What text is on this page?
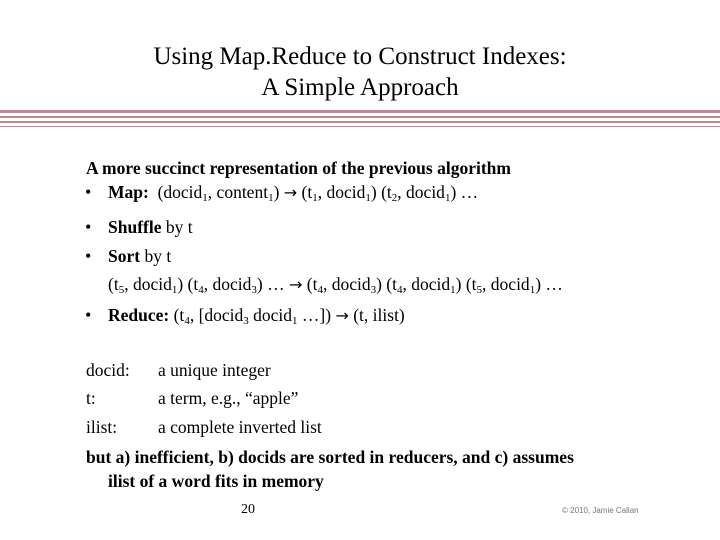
Using Map.Reduce to Construct Indexes:
A Simple Approach
A more succinct representation of the previous algorithm
• Map: (docid$_1$, content$_1$) → ($t_1$, docid$_1$) ($t_2$, docid$_1$) …
• Shuffle by t
• Sort by t
($t_5$, docid$_1$) ($t_4$, docid$_3$) … → ($t_4$, docid$_3$) ($t_4$, docid$_1$) ($t_5$, docid$_1$) …
• Reduce: ($t_4$, [docid$_3$ docid$_1$ …]) → (t, ilist)
docid: a unique integer
t:	a term, e.g., “apple”
ilist: a complete inverted list
but a) inefficient, b) docids are sorted in reducers, and c) assumes
ilist of a word fits in memory
20	© 2010, Jamie Callan
